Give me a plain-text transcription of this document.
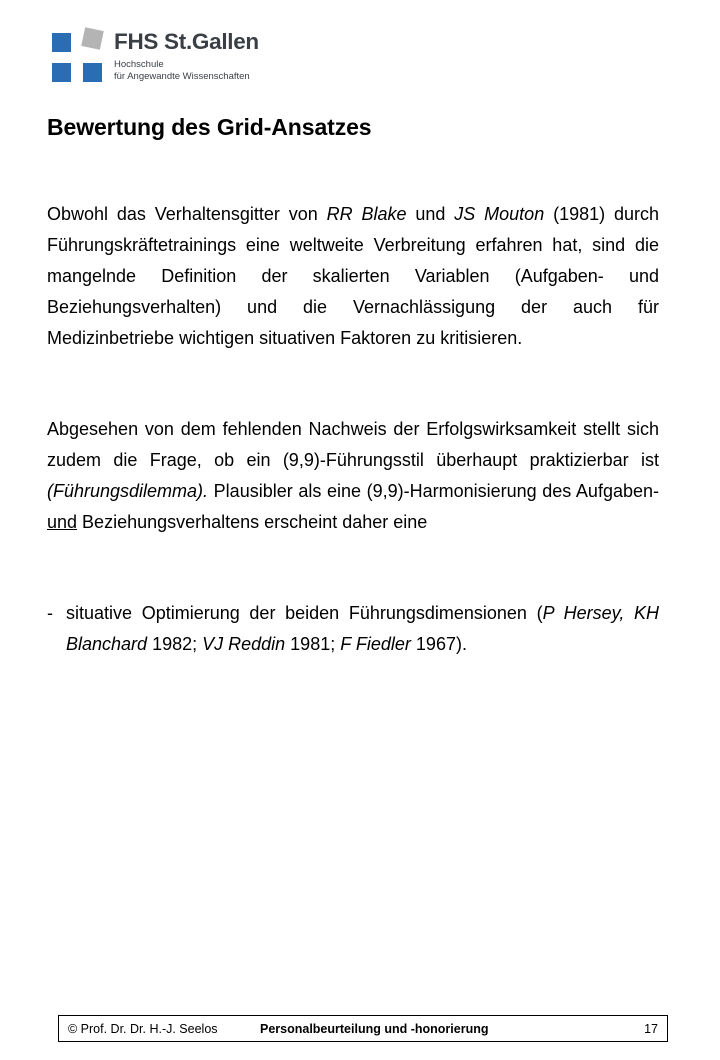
FHS St.Gallen
Hochschule
für Angewandte Wissenschaften
Bewertung des Grid-Ansatzes

Obwohl das Verhaltensgitter von RR Blake und JS Mouton (1981) durch Führungskräftetrainings eine weltweite Verbreitung erfahren hat, sind die mangelnde Definition der skalierten Variablen (Aufgaben- und Beziehungsverhalten) und die Vernachlässigung der auch für Medizinbetriebe wichtigen situativen Faktoren zu kritisieren.

Abgesehen von dem fehlenden Nachweis der Erfolgswirksamkeit stellt sich zudem die Frage, ob ein (9,9)-Führungsstil überhaupt praktizierbar ist (Führungsdilemma). Plausibler als eine (9,9)-Harmonisierung des Aufgaben- und Beziehungsverhaltens erscheint daher eine

- situative Optimierung der beiden Führungsdimensionen (P Hersey, KH Blanchard 1982; VJ Reddin 1981; F Fiedler 1967).
© Prof. Dr. Dr. H.-J. Seelos	Personalbeurteilung und -honorierung	17
